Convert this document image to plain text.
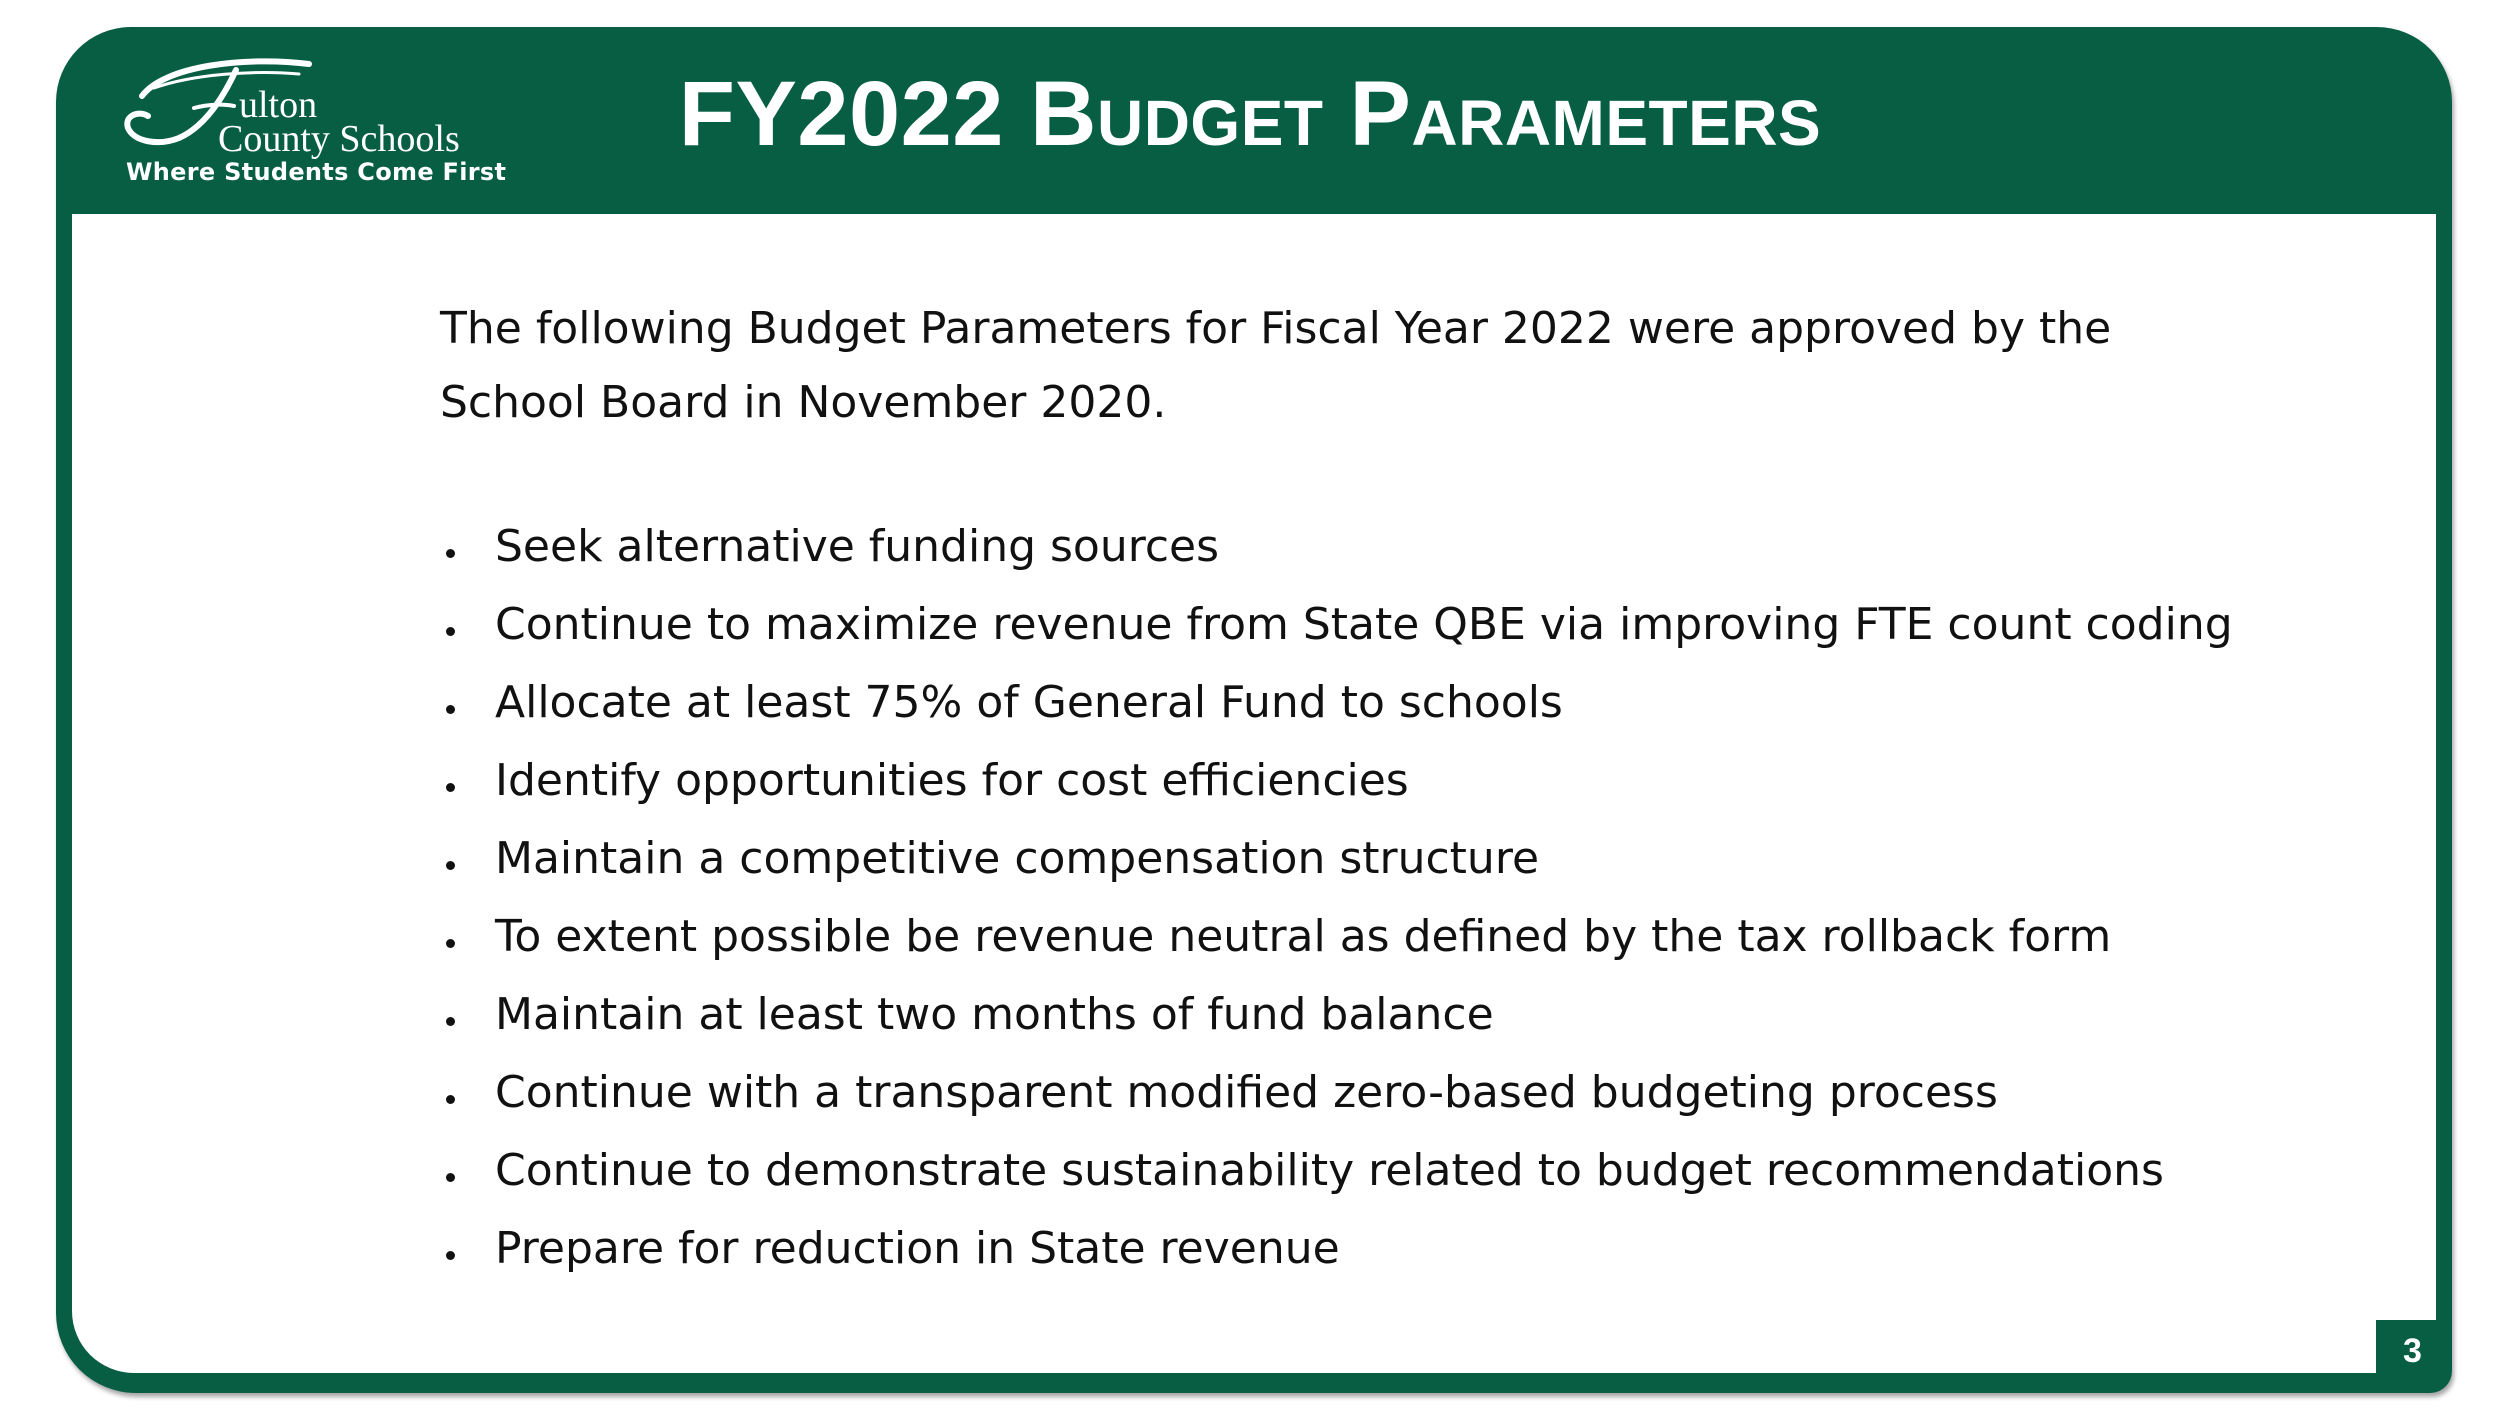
ulton
County Schools
Where Students Come First
FY2022 Budget Parameters

The following Budget Parameters for Fiscal Year 2022 were approved by the School Board in November 2020.

Seek alternative funding sources
Continue to maximize revenue from State QBE via improving FTE count coding
Allocate at least 75% of General Fund to schools
Identify opportunities for cost efficiencies
Maintain a competitive compensation structure
To extent possible be revenue neutral as defined by the tax rollback form
Maintain at least two months of fund balance
Continue with a transparent modified zero-based budgeting process
Continue to demonstrate sustainability related to budget recommendations
Prepare for reduction in State revenue
3
